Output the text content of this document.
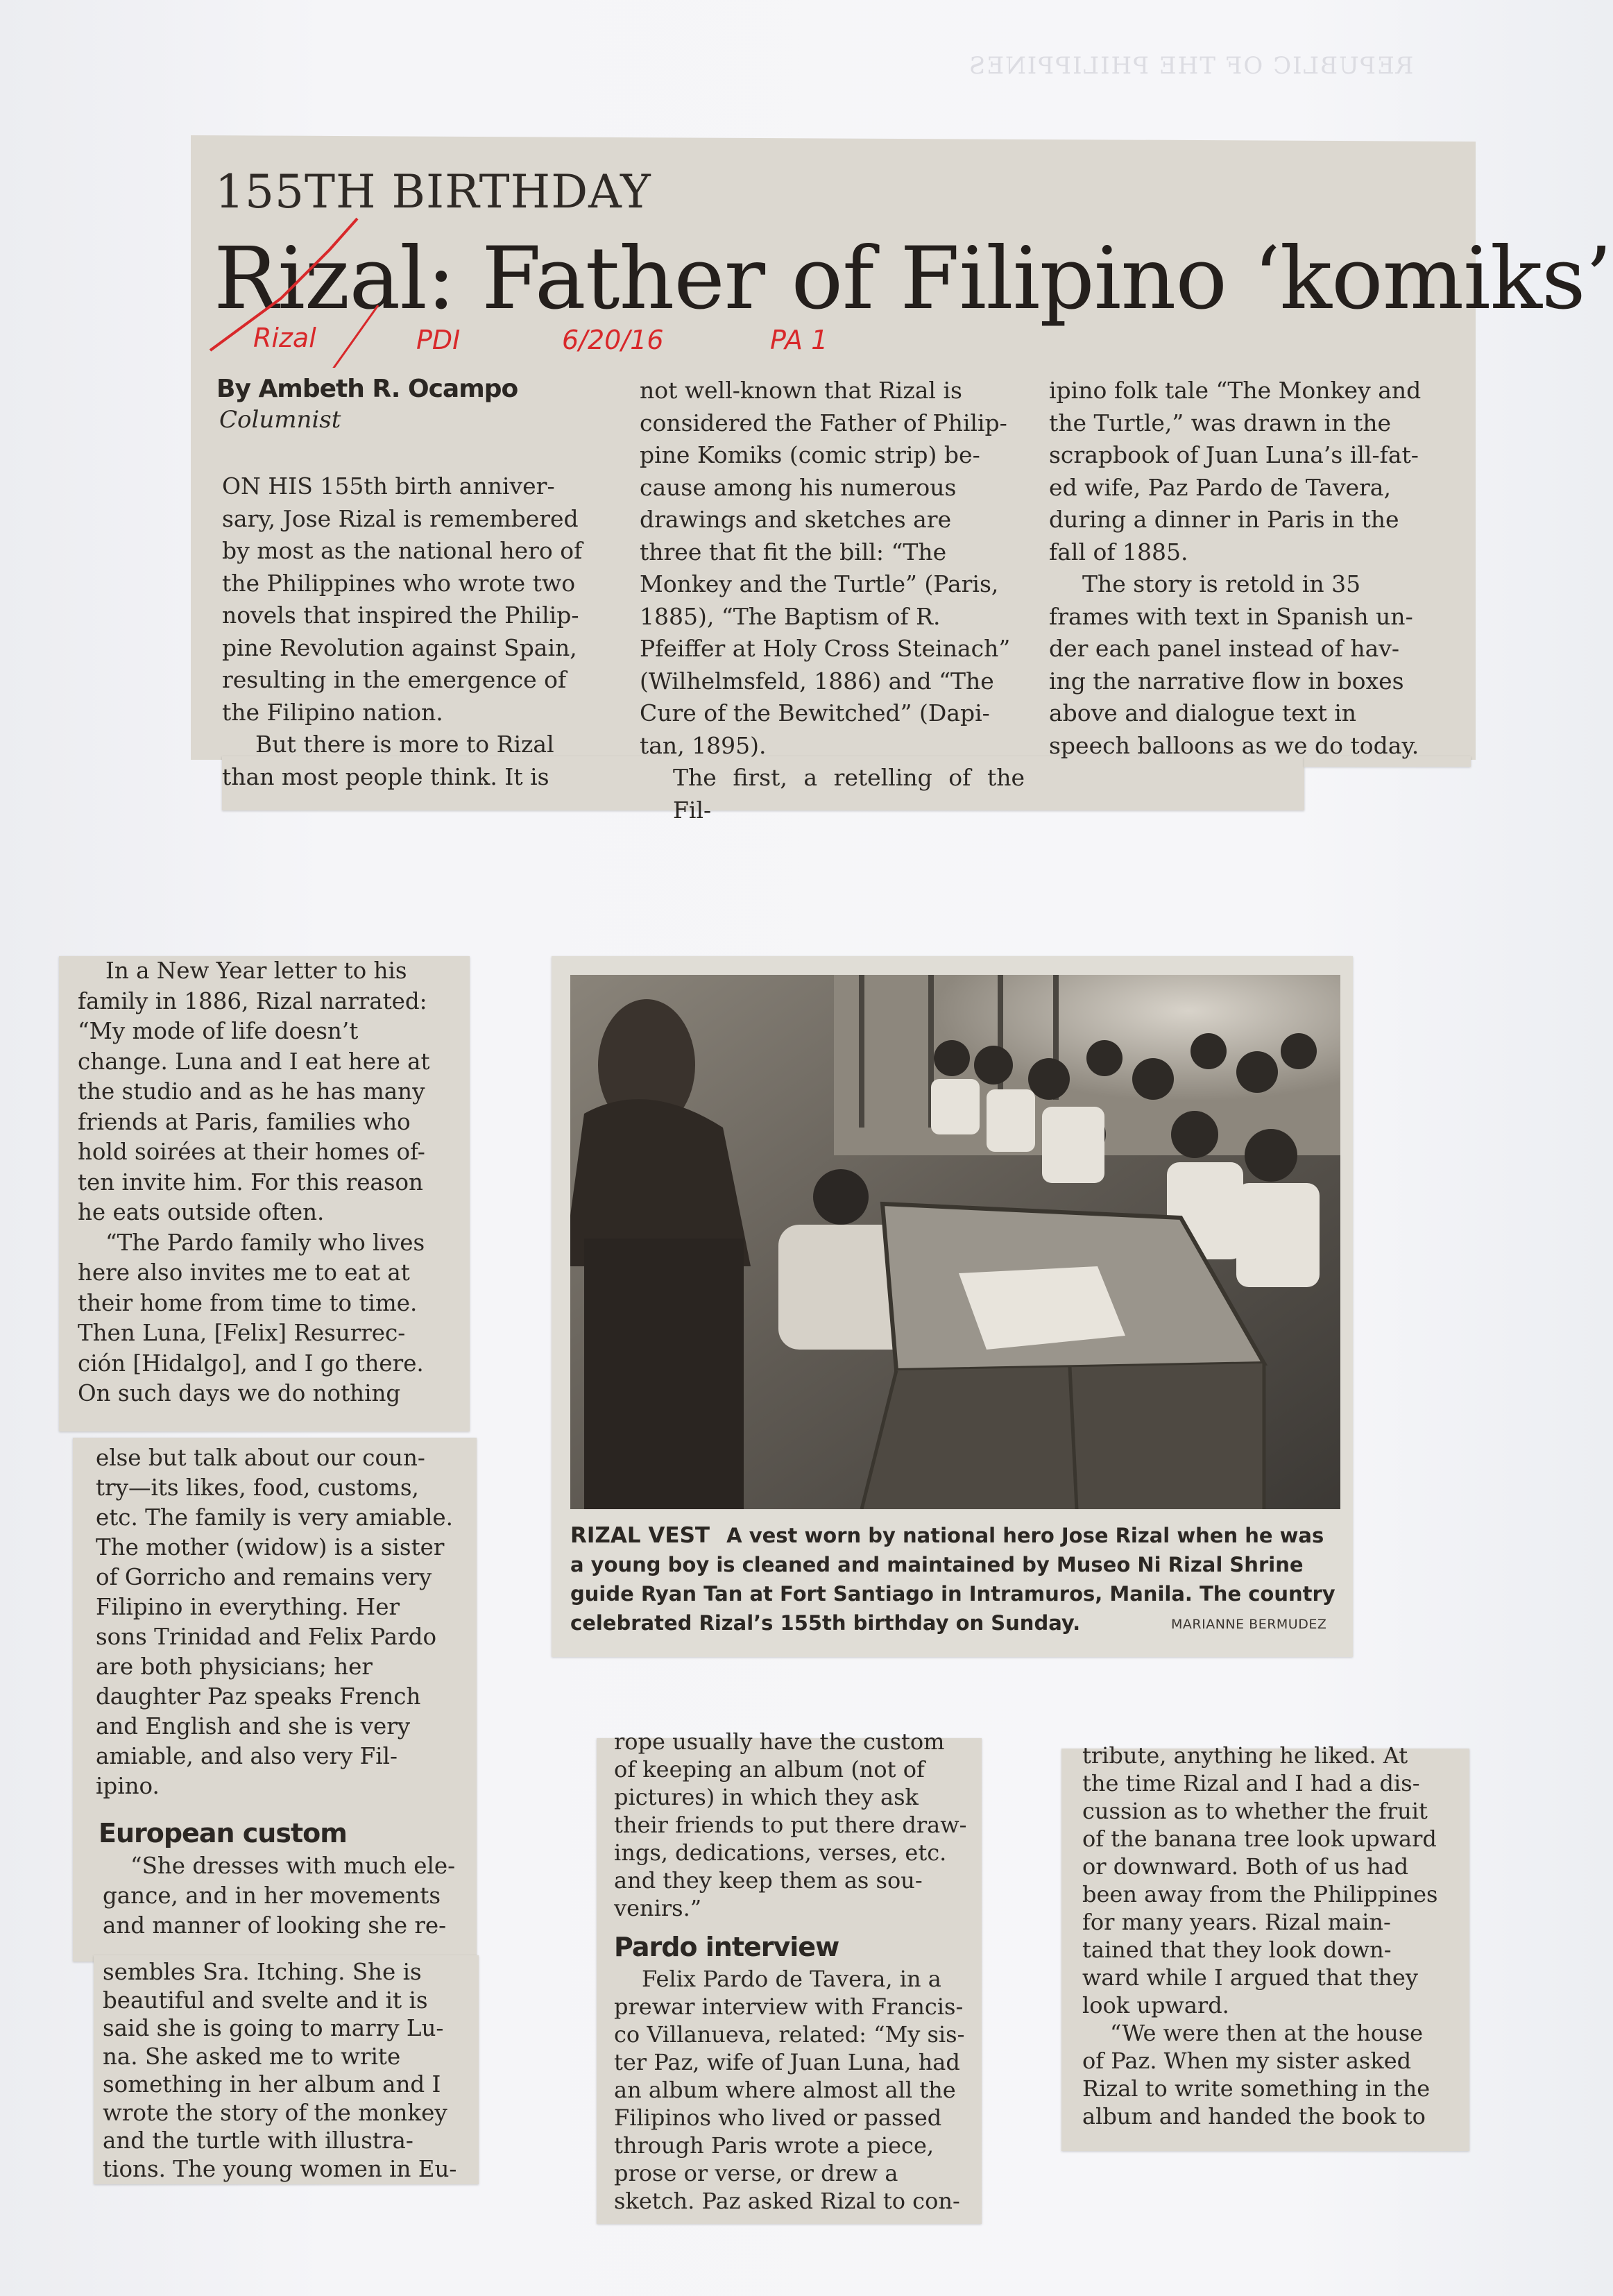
REPUBLIC OF THE PHILIPPINES
155TH BIRTHDAY
Rizal: Father of Filipino ‘komiks’
Rizal	PDI	6/20/16	PA 1
By Ambeth R. Ocampo
Columnist
ON HIS 155th birth anniver-
sary, Jose Rizal is remembered
by most as the national hero of
the Philippines who wrote two
novels that inspired the Philip-
pine Revolution against Spain,
resulting in the emergence of
the Filipino nation.
But there is more to Rizal
than most people think. It is
not well-known that Rizal is
considered the Father of Philip-
pine Komiks (comic strip) be-
cause among his numerous
drawings and sketches are
three that fit the bill: “The
Monkey and the Turtle” (Paris,
1885), “The Baptism of R.
Pfeiffer at Holy Cross Steinach”
(Wilhelmsfeld, 1886) and “The
Cure of the Bewitched” (Dapi-
tan, 1895).
The first, a retelling of the Fil-
ipino folk tale “The Monkey and
the Turtle,” was drawn in the
scrapbook of Juan Luna’s ill-fat-
ed wife, Paz Pardo de Tavera,
during a dinner in Paris in the
fall of 1885.
The story is retold in 35
frames with text in Spanish un-
der each panel instead of hav-
ing the narrative flow in boxes
above and dialogue text in
speech balloons as we do today.
In a New Year letter to his
family in 1886, Rizal narrated:
“My mode of life doesn’t
change. Luna and I eat here at
the studio and as he has many
friends at Paris, families who
hold soirées at their homes of-
ten invite him. For this reason
he eats outside often.
“The Pardo family who lives
here also invites me to eat at
their home from time to time.
Then Luna, [Felix] Resurrec-
ción [Hidalgo], and I go there.
On such days we do nothing
else but talk about our coun-
try—its likes, food, customs,
etc. The family is very amiable.
The mother (widow) is a sister
of Gorricho and remains very
Filipino in everything. Her
sons Trinidad and Felix Pardo
are both physicians; her
daughter Paz speaks French
and English and she is very
amiable, and also very Fil-
ipino.
European custom
“She dresses with much ele-
gance, and in her movements
and manner of looking she re-
sembles Sra. Itching. She is
beautiful and svelte and it is
said she is going to marry Lu-
na. She asked me to write
something in her album and I
wrote the story of the monkey
and the turtle with illustra-
tions. The young women in Eu-
RIZAL VEST A vest worn by national hero Jose Rizal when he was a young boy is cleaned and maintained by Museo Ni Rizal Shrine guide Ryan Tan at Fort Santiago in Intramuros, Manila. The country celebrated Rizal’s 155th birthday on Sunday.	MARIANNE BERMUDEZ
rope usually have the custom
of keeping an album (not of
pictures) in which they ask
their friends to put there draw-
ings, dedications, verses, etc.
and they keep them as sou-
venirs.”
Pardo interview
Felix Pardo de Tavera, in a
prewar interview with Francis-
co Villanueva, related: “My sis-
ter Paz, wife of Juan Luna, had
an album where almost all the
Filipinos who lived or passed
through Paris wrote a piece,
prose or verse, or drew a
sketch. Paz asked Rizal to con-
tribute, anything he liked. At
the time Rizal and I had a dis-
cussion as to whether the fruit
of the banana tree look upward
or downward. Both of us had
been away from the Philippines
for many years. Rizal main-
tained that they look down-
ward while I argued that they
look upward.
“We were then at the house
of Paz. When my sister asked
Rizal to write something in the
album and handed the book to
